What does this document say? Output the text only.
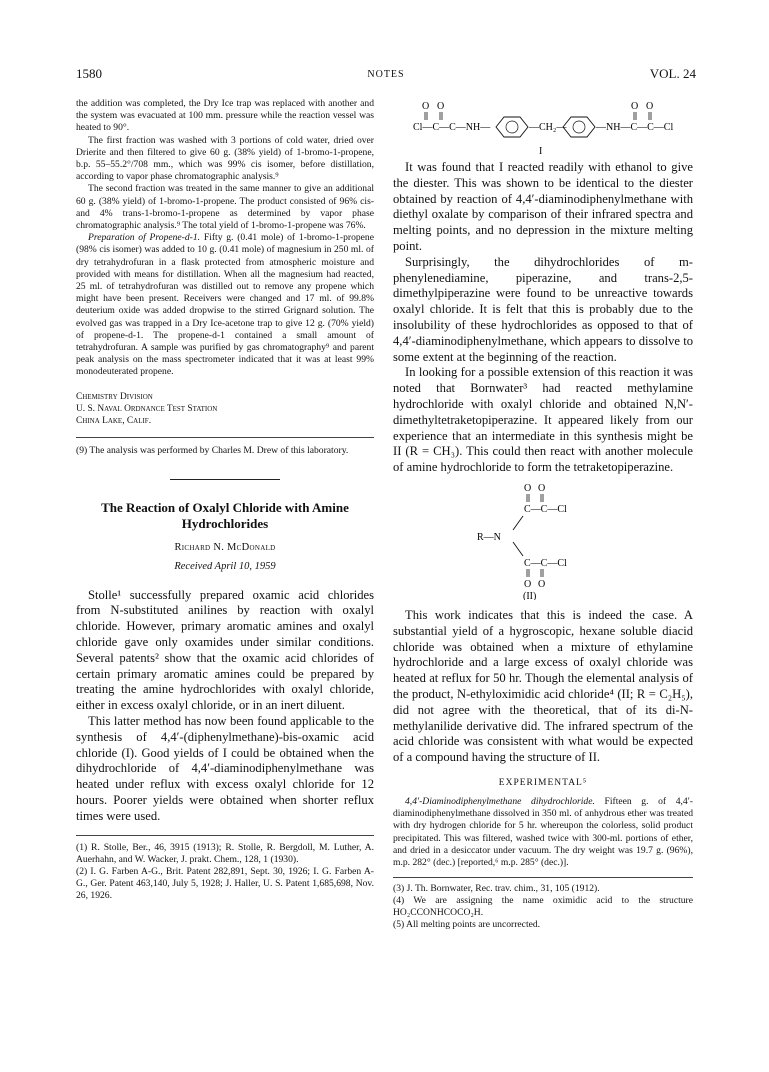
1580	NOTES	VOL. 24

the addition was completed, the Dry Ice trap was replaced with another and the system was evacuated at 100 mm. pressure while the reaction vessel was heated to 90°.

The first fraction was washed with 3 portions of cold water, dried over Drierite and then filtered to give 60 g. (38% yield) of 1-bromo-1-propene, b.p. 55–55.2°/708 mm., which was 99% cis isomer, before distillation, according to vapor phase chromatographic analysis.⁹

The second fraction was treated in the same manner to give an additional 60 g. (38% yield) of 1-bromo-1-propene. The product consisted of 96% cis- and 4% trans-1-bromo-1-propene as determined by vapor phase chromatographic analysis.⁹ The total yield of 1-bromo-1-propene was 76%.

Preparation of Propene-d-1. Fifty g. (0.41 mole) of 1-bromo-1-propene (98% cis isomer) was added to 10 g. (0.41 mole) of magnesium in 250 ml. of dry tetrahydrofuran in a flask protected from atmospheric moisture and provided with means for distillation. When all the magnesium had reacted, 25 ml. of tetrahydrofuran was distilled out to remove any propene which might have been present. Receivers were changed and 17 ml. of 99.8% deuterium oxide was added dropwise to the stirred Grignard solution. The evolved gas was trapped in a Dry Ice-acetone trap to give 12 g. (70% yield) of propene-d-1. The propene-d-1 contained a small amount of tetrahydrofuran. A sample was purified by gas chromatography⁹ and parent peak analysis on the mass spectrometer indicated that it was at least 99% monodeuterated propene.

Chemistry Division
U. S. Naval Ordnance Test Station
China Lake, Calif.
(9) The analysis was performed by Charles M. Drew of this laboratory.
The Reaction of Oxalyl Chloride with Amine
Hydrochlorides
Richard N. McDonald
Received April 10, 1959

Stolle¹ successfully prepared oxamic acid chlorides from N-substituted anilines by reaction with oxalyl chloride. However, primary aromatic amines and oxalyl chloride gave only oxamides under similar conditions. Several patents² show that the oxamic acid chlorides of certain primary aromatic amines could be prepared by treating the amine hydrochlorides with oxalyl chloride, either in excess oxalyl chloride, or in an inert diluent.

This latter method has now been found applicable to the synthesis of 4,4′-(diphenylmethane)-bis-oxamic acid chloride (I). Good yields of I could be obtained when the dihydrochloride of 4,4′-diaminodiphenylmethane was heated under reflux with excess oxalyl chloride for 12 hours. Poorer yields were obtained when shorter reflux times were used.

(1) R. Stolle, Ber., 46, 3915 (1913); R. Stolle, R. Bergdoll, M. Luther, A. Auerhahn, and W. Wacker, J. prakt. Chem., 128, 1 (1930).

(2) I. G. Farben A-G., Brit. Patent 282,891, Sept. 30, 1926; I. G. Farben A-G., Ger. Patent 463,140, July 5, 1928; J. Haller, U. S. Patent 1,685,698, Nov. 26, 1926.

O O	O O
Cl—C—C—NH—	—CH₂—	—NH—C—C—Cl
I

It was found that I reacted readily with ethanol to give the diester. This was shown to be identical to the diester obtained by reaction of 4,4′-diaminodiphenylmethane with diethyl oxalate by comparison of their infrared spectra and melting points, and no depression in the mixture melting point.

Surprisingly, the dihydrochlorides of m-phenylenediamine, piperazine, and trans-2,5-dimethylpiperazine were found to be unreactive towards oxalyl chloride. It is felt that this is probably due to the insolubility of these hydrochlorides as opposed to that of 4,4′-diaminodiphenylmethane, which appears to dissolve to some extent at the beginning of the reaction.

In looking for a possible extension of this reaction it was noted that Bornwater³ had reacted methylamine hydrochloride with oxalyl chloride and obtained N,N′-dimethyltetraketopiperazine. It appeared likely from our experience that an intermediate in this synthesis might be II (R = CH₃). This could then react with another molecule of amine hydrochloride to form the tetraketopiperazine.

O O
C—C—Cl
R—N
C—C—Cl
O O
(II)

This work indicates that this is indeed the case. A substantial yield of a hygroscopic, hexane soluble diacid chloride was obtained when a mixture of ethylamine hydrochloride and a large excess of oxalyl chloride was heated at reflux for 50 hr. Though the elemental analysis of the product, N-ethyloximidic acid chloride⁴ (II; R = C₂H₅), did not agree with the theoretical, that of its di-N-methylanilide derivative did. The infrared spectrum of the acid chloride was consistent with what would be expected of a compound having the structure of II.

EXPERIMENTAL⁵

4,4′-Diaminodiphenylmethane dihydrochloride. Fifteen g. of 4,4′-diaminodiphenylmethane dissolved in 350 ml. of anhydrous ether was treated with dry hydrogen chloride for 5 hr. whereupon the colorless, solid product precipitated. This was filtered, washed twice with 300-ml. portions of ether, and dried in a desiccator under vacuum. The dry weight was 19.7 g. (96%), m.p. 282° (dec.) [reported,⁶ m.p. 285° (dec.)].

(3) J. Th. Bornwater, Rec. trav. chim., 31, 105 (1912).

(4) We are assigning the name oximidic acid to the structure HO₂CCONHCOCO₂H.

(5) All melting points are uncorrected.
